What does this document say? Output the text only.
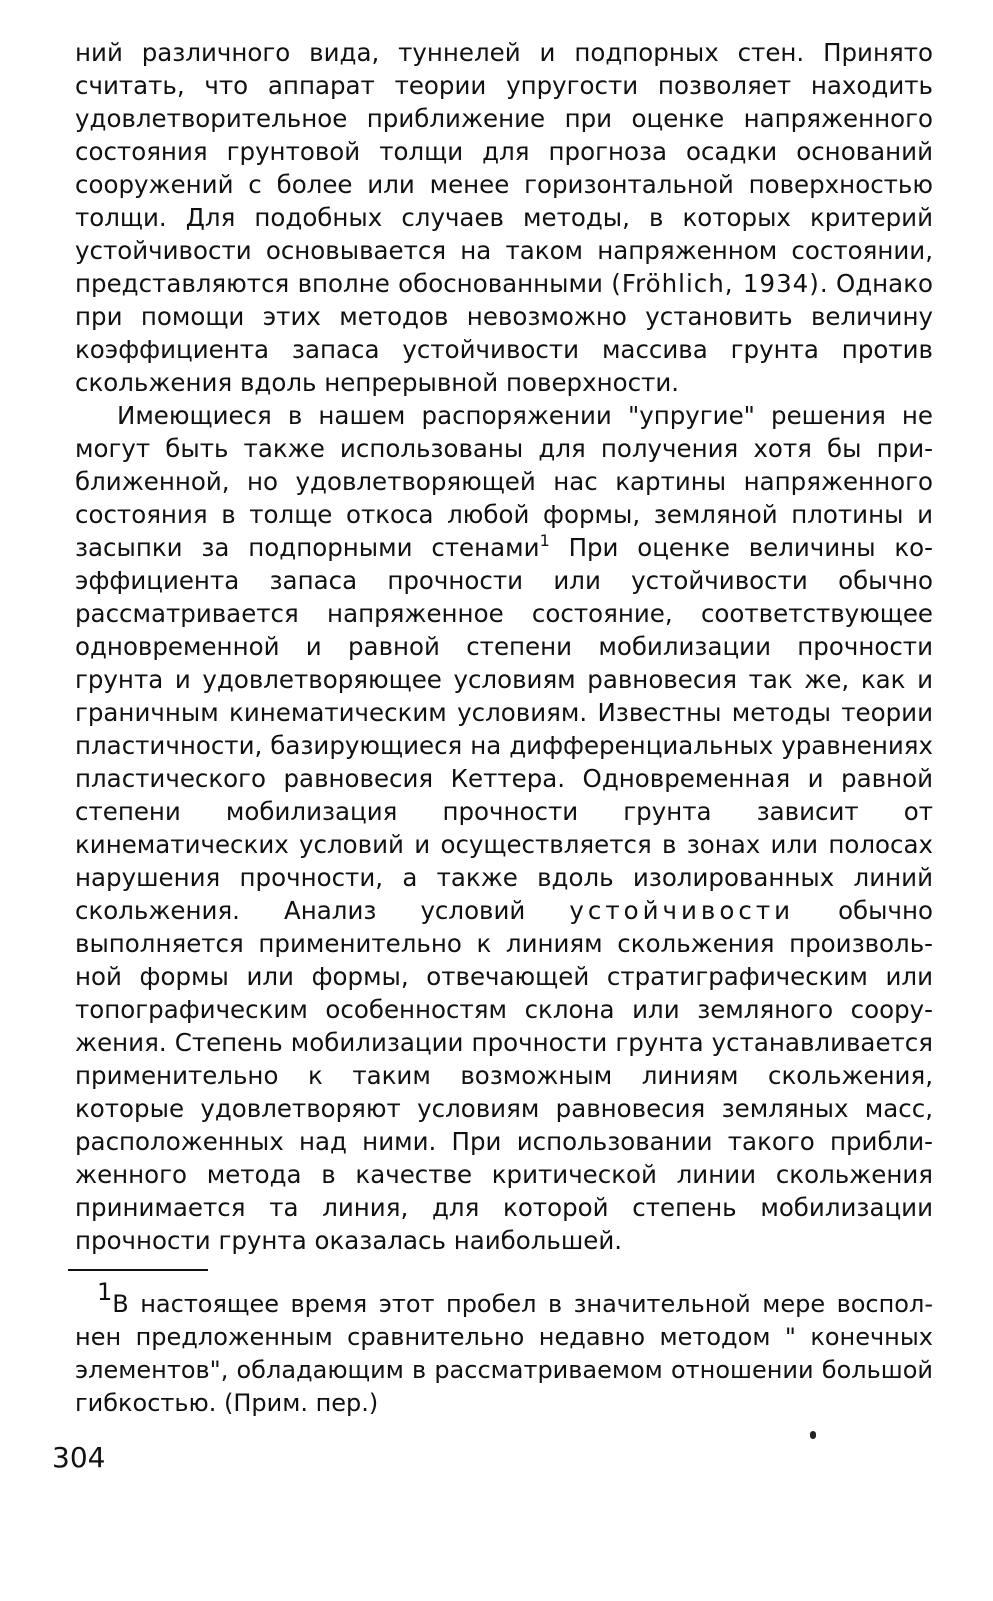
ний различного вида, туннелей и подпорных стен. Принято считать, что аппарат теории упругости позволяет находить удовлетворительное приближение при оценке напряженного состояния грунтовой толщи для прогноза осадки оснований сооружений с более или менее горизонтальной поверхностью толщи. Для подобных случаев методы, в которых критерий устойчивости основывается на таком напряженном состоянии, представляются вполне обоснованными (Fröhlich, 1934). Однако при помощи этих методов невозможно установить величину коэффициента запаса устойчивости массива грунта против скольжения вдоль непрерывной поверхности.

Имеющиеся в нашем распоряжении "упругие" решения не могут быть также использованы для получения хотя бы приближенной, но удовлетворяющей нас картины напряженного состояния в толще откоса любой формы, земляной плотины и засыпки за подпорными стенами$^1$ При оценке величины коэффициента запаса прочности или устойчивости обычно рассматривается напряженное состояние, соответствующее одновременной и равной степени мобилизации прочности грунта и удовлетворяющее условиям равновесия так же, как и граничным кинематическим условиям. Известны методы теории пластичности, базирующиеся на дифференциальных уравнениях пластического равновесия Кеттера. Одновременная и равной степени мобилизация прочности грунта зависит от кинематических условий и осуществляется в зонах или полосах нарушения прочности, а также вдоль изолированных линий скольжения. Анализ условий устойчивости обычно выполняется применительно к линиям скольжения произвольной формы или формы, отвечающей стратиграфическим или топографическим особенностям склона или земляного сооружения. Степень мобилизации прочности грунта устанавливается применительно к таким возможным линиям скольжения, которые удовлетворяют условиям равновесия земляных масс, расположенных над ними. При использовании такого приближенного метода в качестве критической линии скольжения принимается та линия, для которой степень мобилизации прочности грунта оказалась наибольшей.

1В настоящее время этот пробел в значительной мере восполнен предложенным сравнительно недавно методом " конечных элементов", обладающим в рассматриваемом отношении большой гибкостью. (Прим. пер.)
304
